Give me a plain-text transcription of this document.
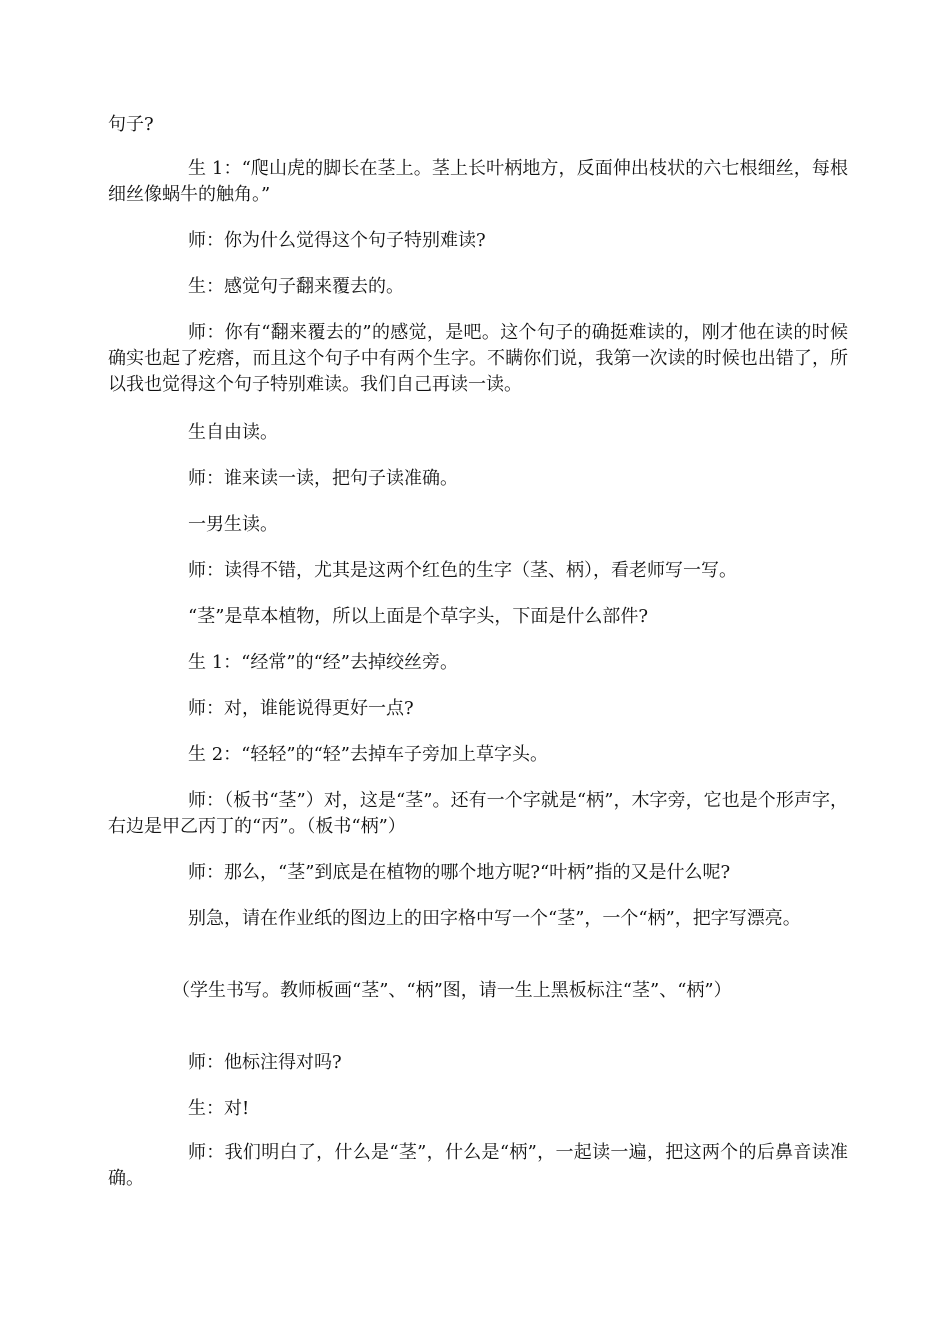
句子?

生 1：“爬山虎的脚长在茎上。茎上长叶柄地方，反面伸出枝状的六七根细丝，每根细丝像蜗牛的触角。”

师：你为什么觉得这个句子特别难读?

生：感觉句子翻来覆去的。

师：你有“翻来覆去的”的感觉，是吧。这个句子的确挺难读的，刚才他在读的时候确实也起了疙瘩，而且这个句子中有两个生字。不瞒你们说，我第一次读的时候也出错了，所以我也觉得这个句子特别难读。我们自己再读一读。

生自由读。

师：谁来读一读，把句子读准确。

一男生读。

师：读得不错，尤其是这两个红色的生字（茎、柄），看老师写一写。

“茎”是草本植物，所以上面是个草字头，下面是什么部件?

生 1：“经常”的“经”去掉绞丝旁。

师：对，谁能说得更好一点?

生 2：“轻轻”的“轻”去掉车子旁加上草字头。

师：（板书“茎”）对，这是“茎”。还有一个字就是“柄”，木字旁，它也是个形声字，右边是甲乙丙丁的“丙”。（板书“柄”）

师：那么，“茎”到底是在植物的哪个地方呢?“叶柄”指的又是什么呢?

别急，请在作业纸的图边上的田字格中写一个“茎”，一个“柄”，把字写漂亮。

（学生书写。教师板画“茎”、“柄”图，请一生上黑板标注“茎”、“柄”）

师：他标注得对吗?

生：对!

师：我们明白了，什么是“茎”，什么是“柄”，一起读一遍，把这两个的后鼻音读准确。
